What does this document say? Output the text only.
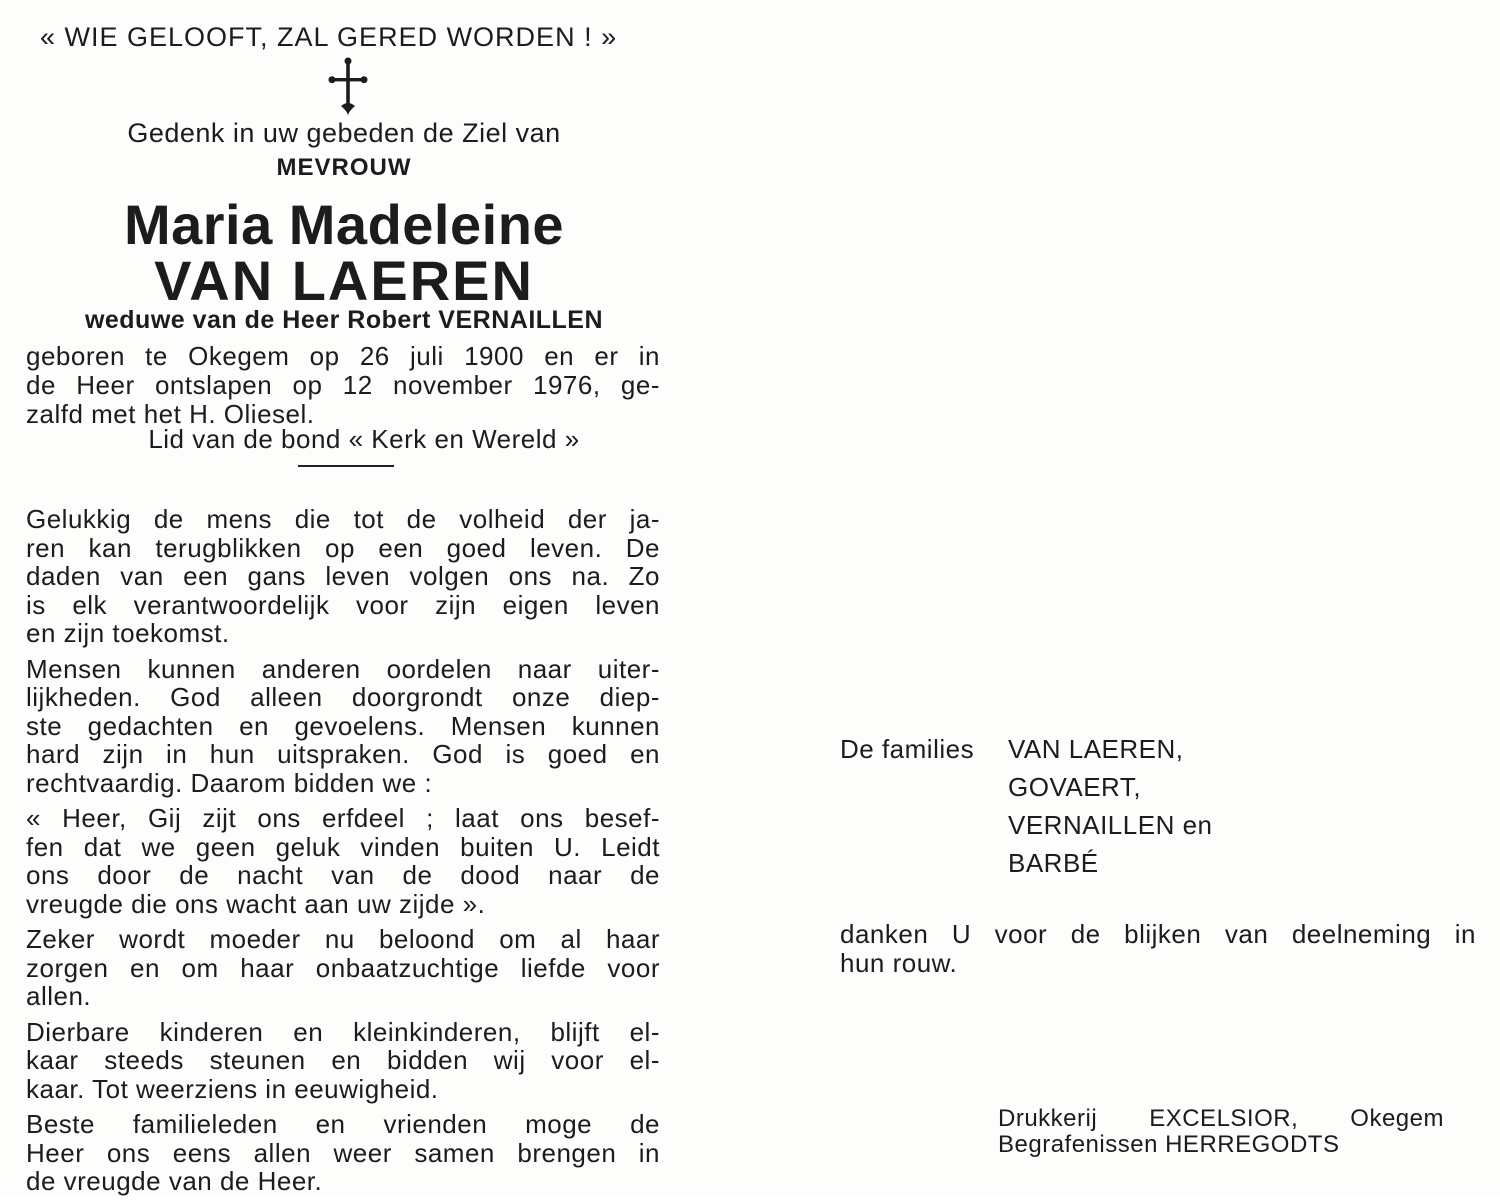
« WIE GELOOFT, ZAL GERED WORDEN ! »
Gedenk in uw gebeden de Ziel van
MEVROUW
Maria Madeleine
VAN LAEREN
weduwe van de Heer Robert VERNAILLEN
geboren te Okegem op 26 juli 1900 en er in
de Heer ontslapen op 12 november 1976, ge-
zalfd met het H. Oliesel.
Lid van de bond « Kerk en Wereld »
Gelukkig de mens die tot de volheid der ja-
ren kan terugblikken op een goed leven. De
daden van een gans leven volgen ons na. Zo
is elk verantwoordelijk voor zijn eigen leven
en zijn toekomst.
Mensen kunnen anderen oordelen naar uiter-
lijkheden. God alleen doorgrondt onze diep-
ste gedachten en gevoelens. Mensen kunnen
hard zijn in hun uitspraken. God is goed en
rechtvaardig. Daarom bidden we :
« Heer, Gij zijt ons erfdeel ; laat ons besef-
fen dat we geen geluk vinden buiten U. Leidt
ons door de nacht van de dood naar de
vreugde die ons wacht aan uw zijde ».
Zeker wordt moeder nu beloond om al haar
zorgen en om haar onbaatzuchtige liefde voor
allen.
Dierbare kinderen en kleinkinderen, blijft el-
kaar steeds steunen en bidden wij voor el-
kaar. Tot weerziens in eeuwigheid.
Beste familieleden en vrienden moge de
Heer ons eens allen weer samen brengen in
de vreugde van de Heer.
De families VAN LAEREN,
GOVAERT,
VERNAILLEN en
BARBÉ
danken U voor de blijken van deelneming in
hun rouw.
Drukkerij EXCELSIOR, Okegem
Begrafenissen HERREGODTS
